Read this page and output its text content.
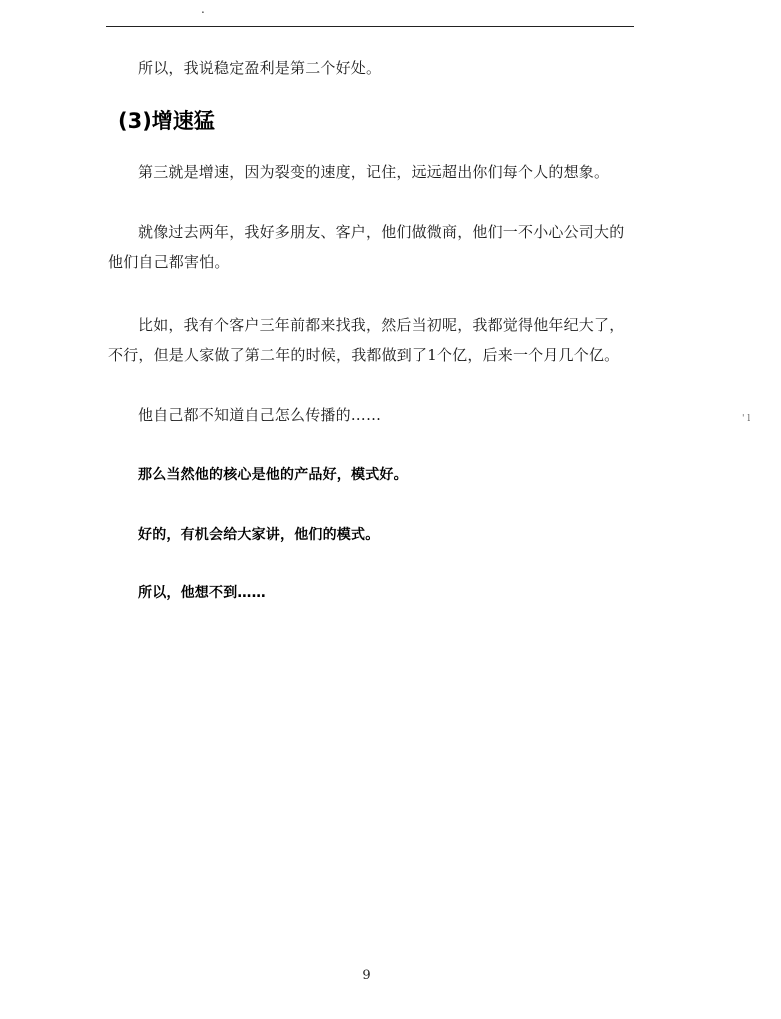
.

所以，我说稳定盈利是第二个好处。

(3)增速猛

第三就是增速，因为裂变的速度，记住，远远超出你们每个人的想象。

就像过去两年，我好多朋友、客户，他们做微商，他们一不小心公司大的他们自己都害怕。

比如，我有个客户三年前都来找我，然后当初呢，我都觉得他年纪大了，不行，但是人家做了第二年的时候，我都做到了1个亿，后来一个月几个亿。

他自己都不知道自己怎么传播的……

那么当然他的核心是他的产品好，模式好。

好的，有机会给大家讲，他们的模式。

所以，他想不到……

' l
9
